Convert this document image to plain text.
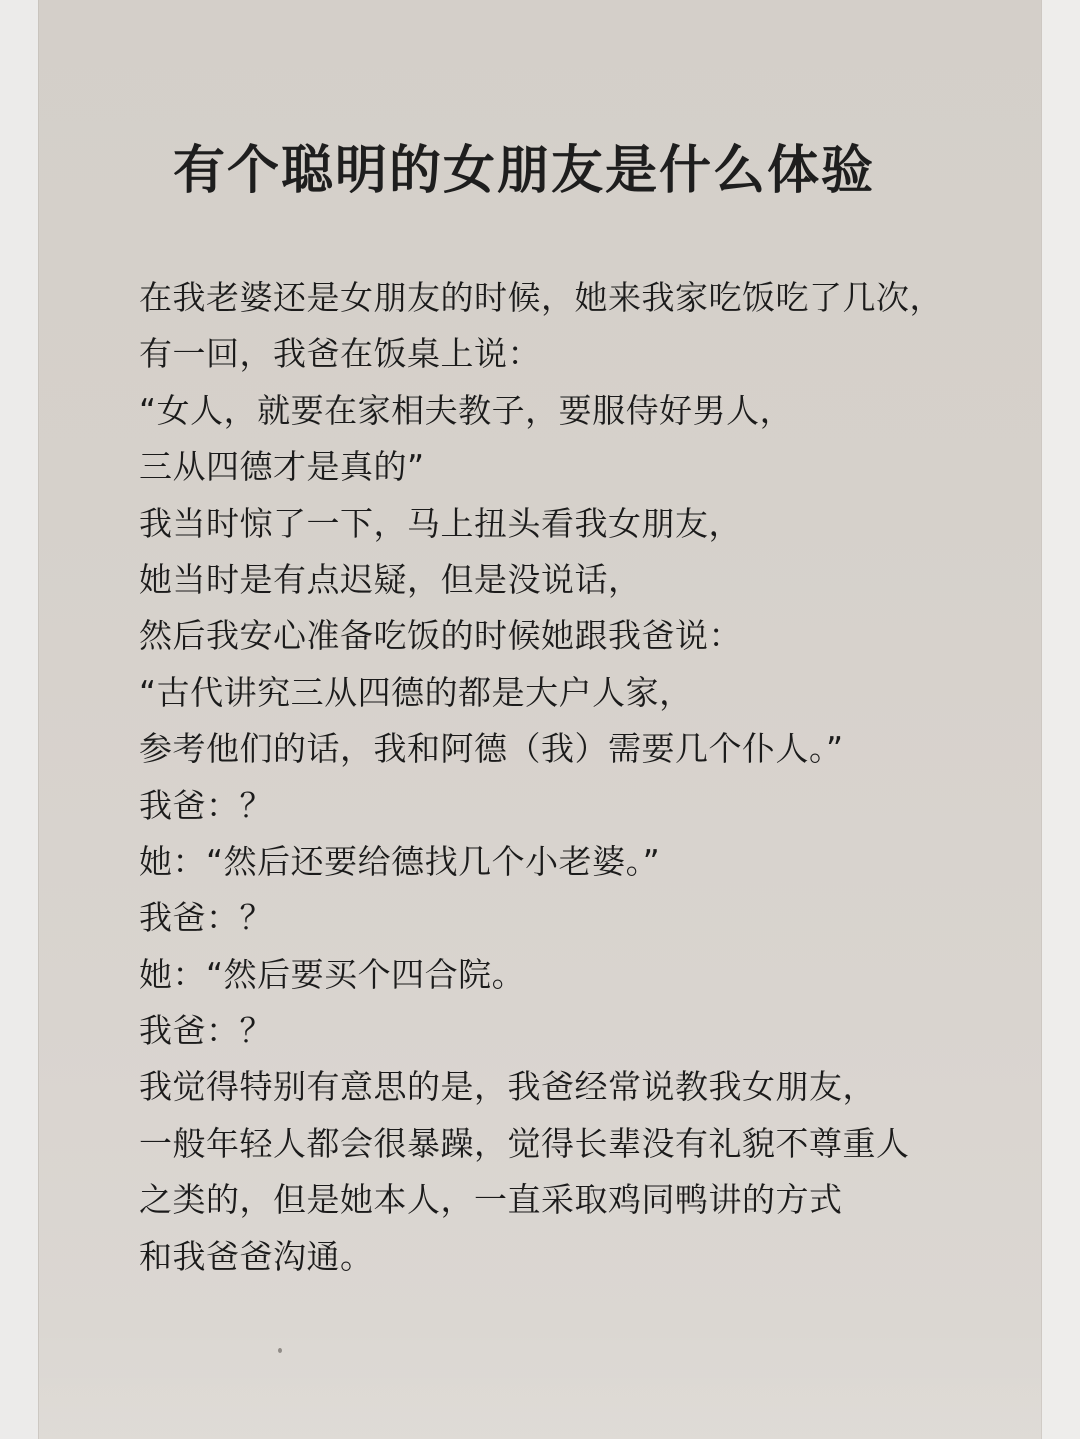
有个聪明的女朋友是什么体验
在我老婆还是女朋友的时候，她来我家吃饭吃了几次，
有一回，我爸在饭桌上说：
“女人，就要在家相夫教子，要服侍好男人，
三从四德才是真的”
我当时惊了一下，马上扭头看我女朋友，
她当时是有点迟疑，但是没说话，
然后我安心准备吃饭的时候她跟我爸说：
“古代讲究三从四德的都是大户人家，
参考他们的话，我和阿德（我）需要几个仆人。”
我爸：？
她：“然后还要给德找几个小老婆。”
我爸：？
她：“然后要买个四合院。
我爸：？
我觉得特别有意思的是，我爸经常说教我女朋友，
一般年轻人都会很暴躁，觉得长辈没有礼貌不尊重人
之类的，但是她本人，一直采取鸡同鸭讲的方式
和我爸爸沟通。
